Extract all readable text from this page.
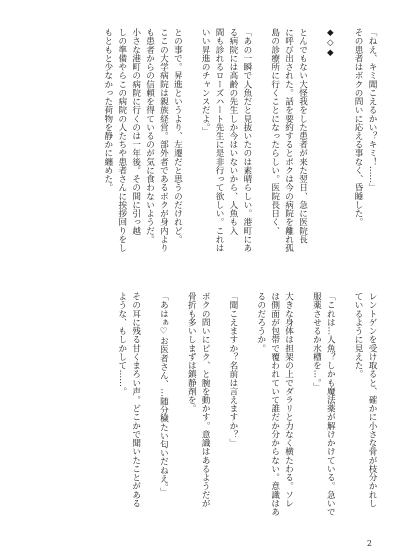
「ねえ、キミ聞こえるかい？キミ！……」
その患者はボクの問いに応える事なく、昏睡した。
◆◇◆
とんでもない大怪我をした患者が来た翌日、急に医院長
に呼び出された。話を要約するとボクは今の病院を離れ孤
島の診療所に行くことになったらしい。医院長日く、
「あの一瞬で人魚だと見抜いたのは素晴らしい。港町にあ
る病院には高齢の先生しか今はいないから、人魚も入
間も診れるローズハート先生に是非行って欲しい。これは
いい昇進のチャンスだよ。」
との事で。昇進というより、左遷だと思うのだけれど。
ここの大学病院は親族経営。部外者であるボクが身内より
も患者からの信頼を得ているのが気に食わないようだ。
小さな港町の病院に行くのは一年後。その間に引っ越
しの準備やらこの病院の人たちや患者さんに挨拶回りをし
もともと少なかった荷物を静かに纏めた。
レントゲンを受け取ると、確かに小さな骨が枝分かれし
ているように見えた。
「これは…人魚？しかも魔法薬が解けかけている。急いで
服薬させるか水槽を…。」
大きな身体は担架の上でダラリと力なく横たわる。ソレ
は側面が包帯で覆われていて誰だか分からない。意識はあ
るのだろうか。
「聞こえますか？名前は言えますか？」
ボクの問いにピク、と腕を動かす。意識はあるようだが
骨折も多いしまずは鎮静剤を。
「あはぁ♡お医者さん、…随分穢たい匂いだねえ。」
その耳に残る甘くまろい声。どこかで聞いたことがある
ような、もしかして……。
2
